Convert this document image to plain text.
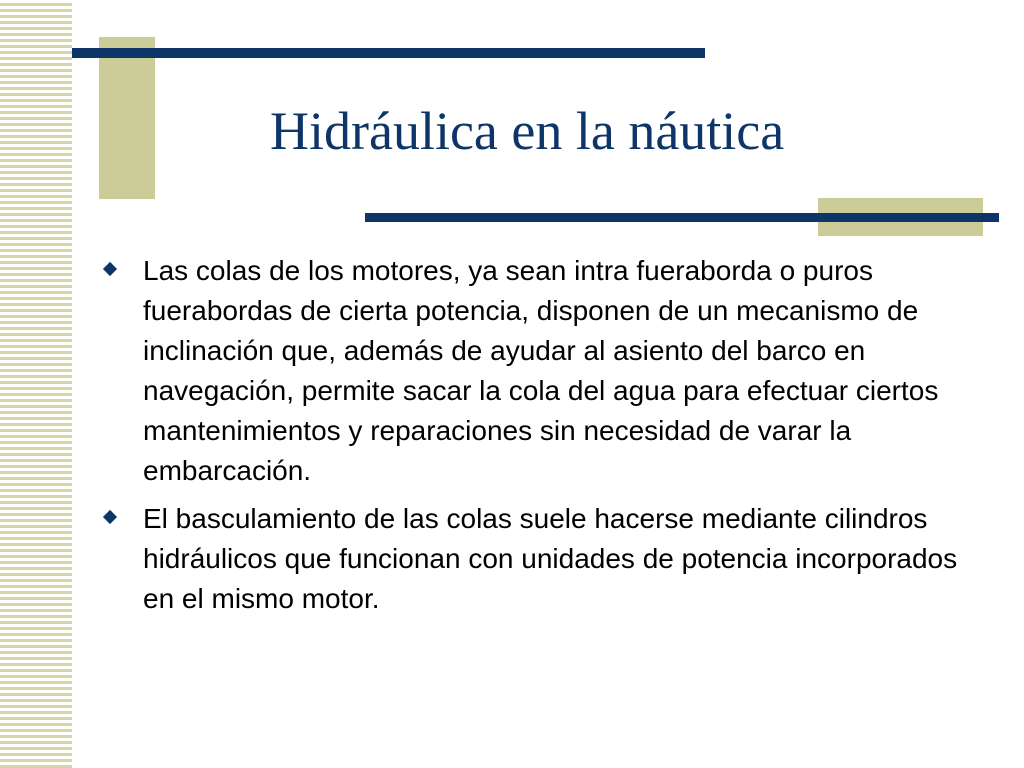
Hidráulica en la náutica
Las colas de los motores, ya sean intra fueraborda o puros fuerabordas de cierta potencia, disponen de un mecanismo de inclinación que, además de ayudar al asiento del barco en navegación, permite sacar la cola del agua para efectuar ciertos mantenimientos y reparaciones sin necesidad de varar la embarcación.
El basculamiento de las colas suele hacerse mediante cilindros hidráulicos que funcionan con unidades de potencia incorporados en el mismo motor.
